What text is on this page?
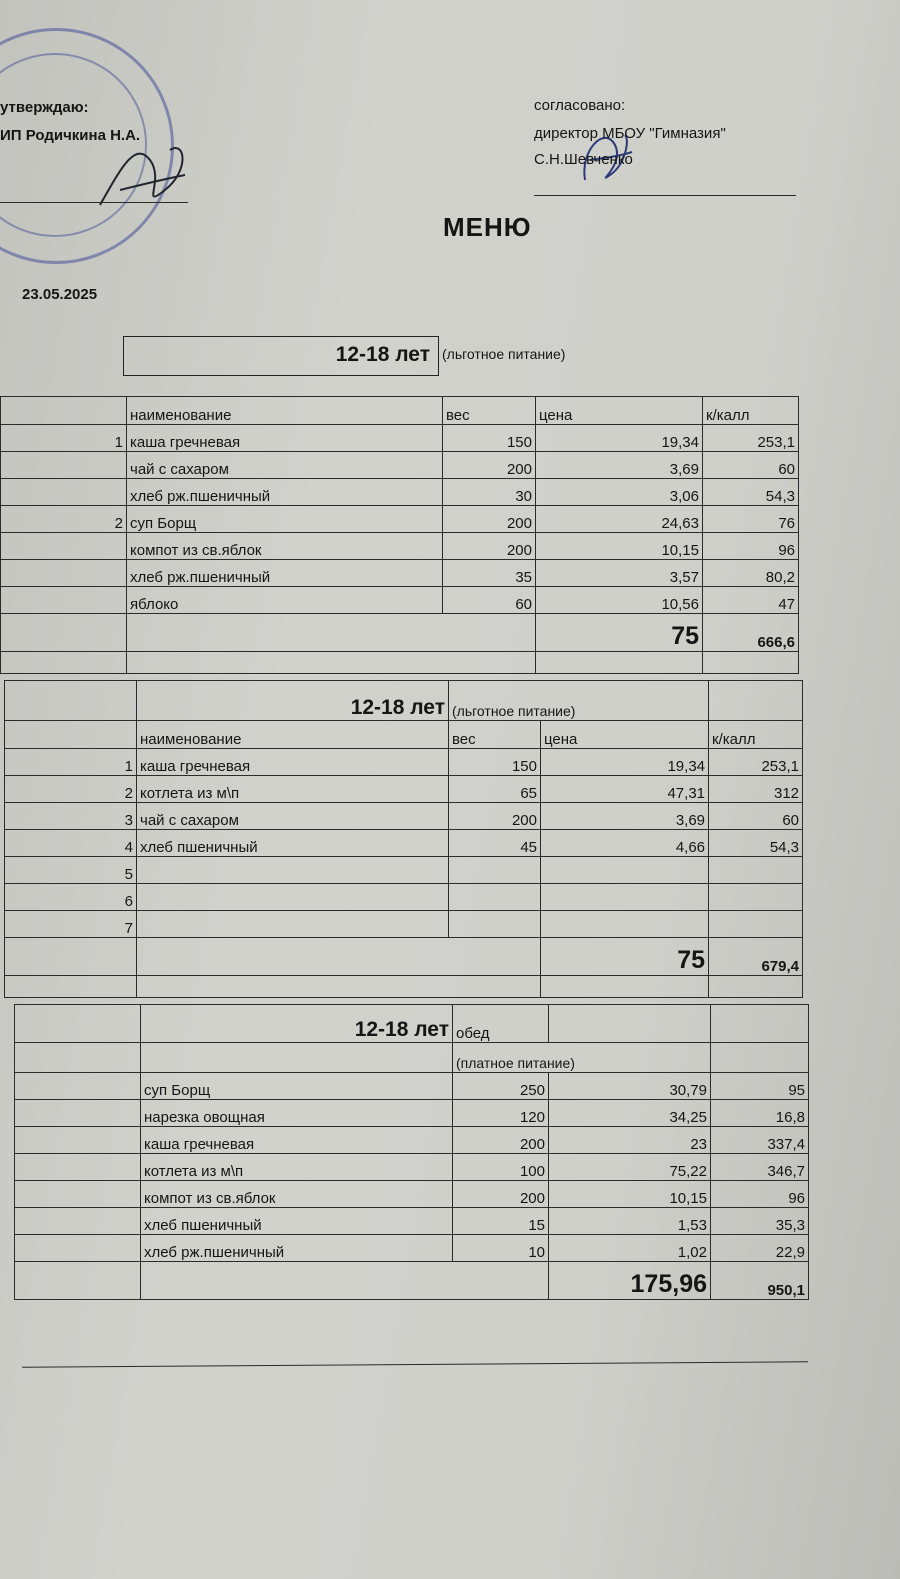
утверждаю:
ИП Родичкина Н.А.
согласовано:
директор МБОУ "Гимназия"
С.Н.Шевченко
МЕНЮ
23.05.2025
12-18 лет (льготное питание)
	наименование	вес	цена	к/калл
1	каша гречневая	150	19,34	253,1
	чай с сахаром	200	3,69	60
	хлеб рж.пшеничный	30	3,06	54,3
2	суп Борщ	200	24,63	76
	компот из св.яблок	200	10,15	96
	хлеб рж.пшеничный	35	3,57	80,2
	яблоко	60	10,56	47
			75	666,6

	12-18 лет	(льготное питание)		
	наименование	вес	цена	к/калл
1	каша гречневая	150	19,34	253,1
2	котлета из м\п	65	47,31	312
3	чай с сахаром	200	3,69	60
4	хлеб пшеничный	45	4,66	54,3
5				
6				
7				
			75	679,4

	12-18 лет	обед		
		(платное питание)		
	суп Борщ	250	30,79	95
	нарезка овощная	120	34,25	16,8
	каша гречневая	200	23	337,4
	котлета из м\п	100	75,22	346,7
	компот из св.яблок	200	10,15	96
	хлеб пшеничный	15	1,53	35,3
	хлеб рж.пшеничный	10	1,02	22,9
			175,96	950,1
